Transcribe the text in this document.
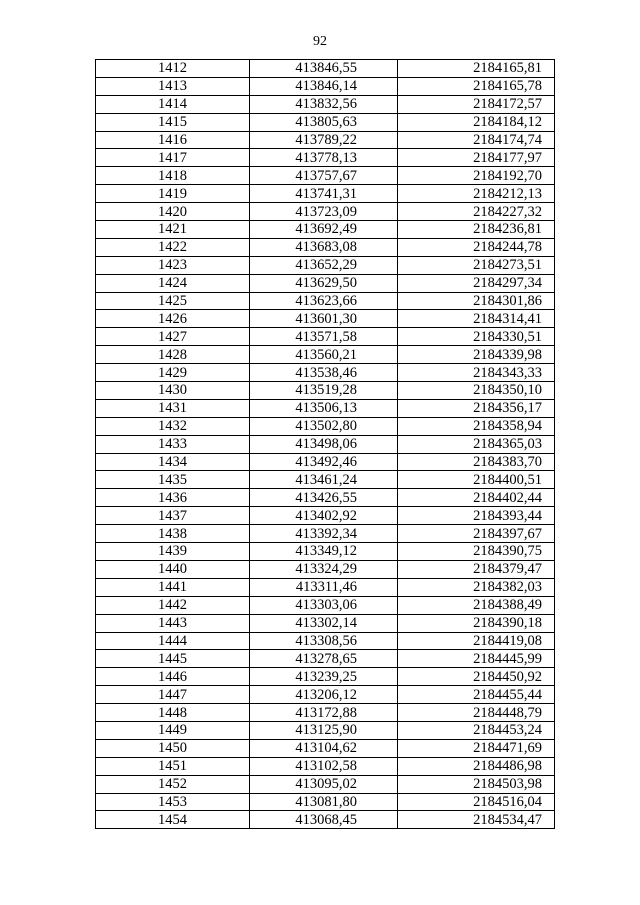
92
1412	413846,55	2184165,81
1413	413846,14	2184165,78
1414	413832,56	2184172,57
1415	413805,63	2184184,12
1416	413789,22	2184174,74
1417	413778,13	2184177,97
1418	413757,67	2184192,70
1419	413741,31	2184212,13
1420	413723,09	2184227,32
1421	413692,49	2184236,81
1422	413683,08	2184244,78
1423	413652,29	2184273,51
1424	413629,50	2184297,34
1425	413623,66	2184301,86
1426	413601,30	2184314,41
1427	413571,58	2184330,51
1428	413560,21	2184339,98
1429	413538,46	2184343,33
1430	413519,28	2184350,10
1431	413506,13	2184356,17
1432	413502,80	2184358,94
1433	413498,06	2184365,03
1434	413492,46	2184383,70
1435	413461,24	2184400,51
1436	413426,55	2184402,44
1437	413402,92	2184393,44
1438	413392,34	2184397,67
1439	413349,12	2184390,75
1440	413324,29	2184379,47
1441	413311,46	2184382,03
1442	413303,06	2184388,49
1443	413302,14	2184390,18
1444	413308,56	2184419,08
1445	413278,65	2184445,99
1446	413239,25	2184450,92
1447	413206,12	2184455,44
1448	413172,88	2184448,79
1449	413125,90	2184453,24
1450	413104,62	2184471,69
1451	413102,58	2184486,98
1452	413095,02	2184503,98
1453	413081,80	2184516,04
1454	413068,45	2184534,47
